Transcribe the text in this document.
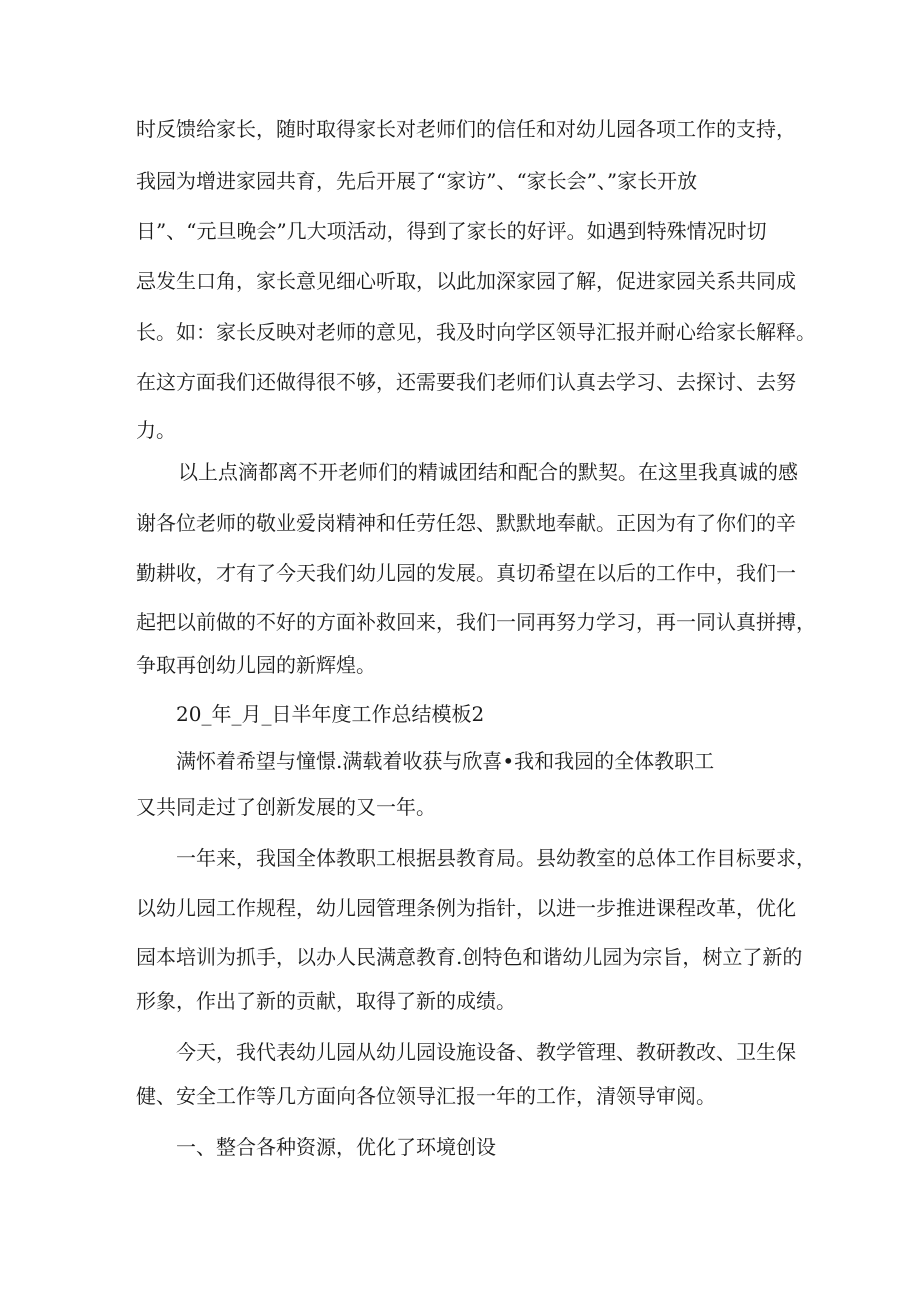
时反馈给家长，随时取得家长对老师们的信任和对幼儿园各项工作的支持，
我园为增进家园共育，先后开展了“家访”、“家长会”、”家长开放
日”、“元旦晚会”几大项活动，得到了家长的好评。如遇到特殊情况时切
忌发生口角，家长意见细心听取，以此加深家园了解，促进家园关系共同成
长。如：家长反映对老师的意见，我及时向学区领导汇报并耐心给家长解释。
在这方面我们还做得很不够，还需要我们老师们认真去学习、去探讨、去努
力。
以上点滴都离不开老师们的精诚团结和配合的默契。在这里我真诚的感
谢各位老师的敬业爱岗精神和任劳任怨、默默地奉献。正因为有了你们的辛
勤耕收，才有了今天我们幼儿园的发展。真切希望在以后的工作中，我们一
起把以前做的不好的方面补救回来，我们一同再努力学习，再一同认真拼搏，
争取再创幼儿园的新辉煌。
20_年_月_日半年度工作总结模板2
满怀着希望与憧憬.满载着收获与欣喜•我和我园的全体教职工
又共同走过了创新发展的又一年。
一年来，我国全体教职工根据县教育局。县幼教室的总体工作目标要求，
以幼儿园工作规程，幼儿园管理条例为指针，以进一步推进课程改革，优化
园本培训为抓手，以办人民满意教育.创特色和谐幼儿园为宗旨，树立了新的
形象，作出了新的贡献，取得了新的成绩。
今天，我代表幼儿园从幼儿园设施设备、教学管理、教研教改、卫生保
健、安全工作等几方面向各位领导汇报一年的工作，清领导审阅。
一、整合各种资源，优化了环境创设
